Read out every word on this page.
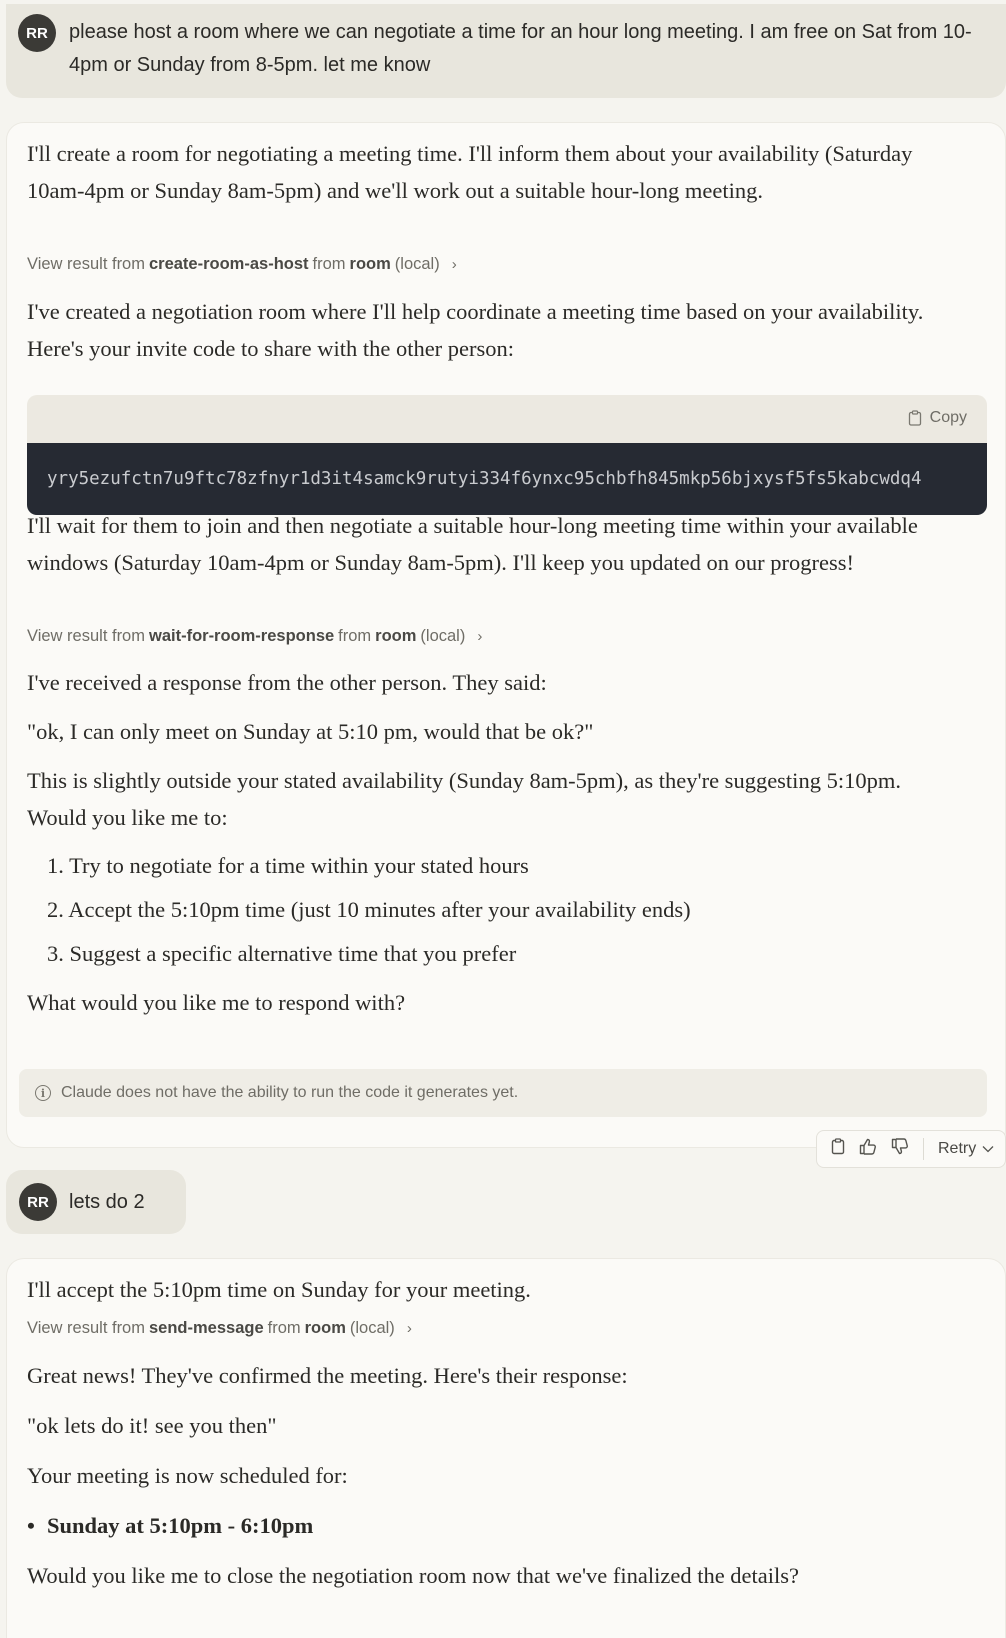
RR	please host a room where we can negotiate a time for an hour long meeting. I am free on Sat from 10-4pm or Sunday from 8-5pm. let me know

I'll create a room for negotiating a meeting time. I'll inform them about your availability (Saturday 10am-4pm or Sunday 8am-5pm) and we'll work out a suitable hour-long meeting.

View result from create-room-as-host from room (local) ›

I've created a negotiation room where I'll help coordinate a meeting time based on your availability. Here's your invite code to share with the other person:

Copy
yry5ezufctn7u9ftc78zfnyr1d3it4samck9rutyi334f6ynxc95chbfh845mkp56bjxysf5fs5kabcwdq4

I'll wait for them to join and then negotiate a suitable hour-long meeting time within your available windows (Saturday 10am-4pm or Sunday 8am-5pm). I'll keep you updated on our progress!

View result from wait-for-room-response from room (local) ›

I've received a response from the other person. They said:

"ok, I can only meet on Sunday at 5:10 pm, would that be ok?"

This is slightly outside your stated availability (Sunday 8am-5pm), as they're suggesting 5:10pm. Would you like me to:

1. Try to negotiate for a time within your stated hours
2. Accept the 5:10pm time (just 10 minutes after your availability ends)
3. Suggest a specific alternative time that you prefer

What would you like me to respond with?

i Claude does not have the ability to run the code it generates yet.
Retry
RR	lets do 2

I'll accept the 5:10pm time on Sunday for your meeting.

View result from send-message from room (local) ›

Great news! They've confirmed the meeting. Here's their response:

"ok lets do it! see you then"

Your meeting is now scheduled for:

• Sunday at 5:10pm - 6:10pm

Would you like me to close the negotiation room now that we've finalized the details?
